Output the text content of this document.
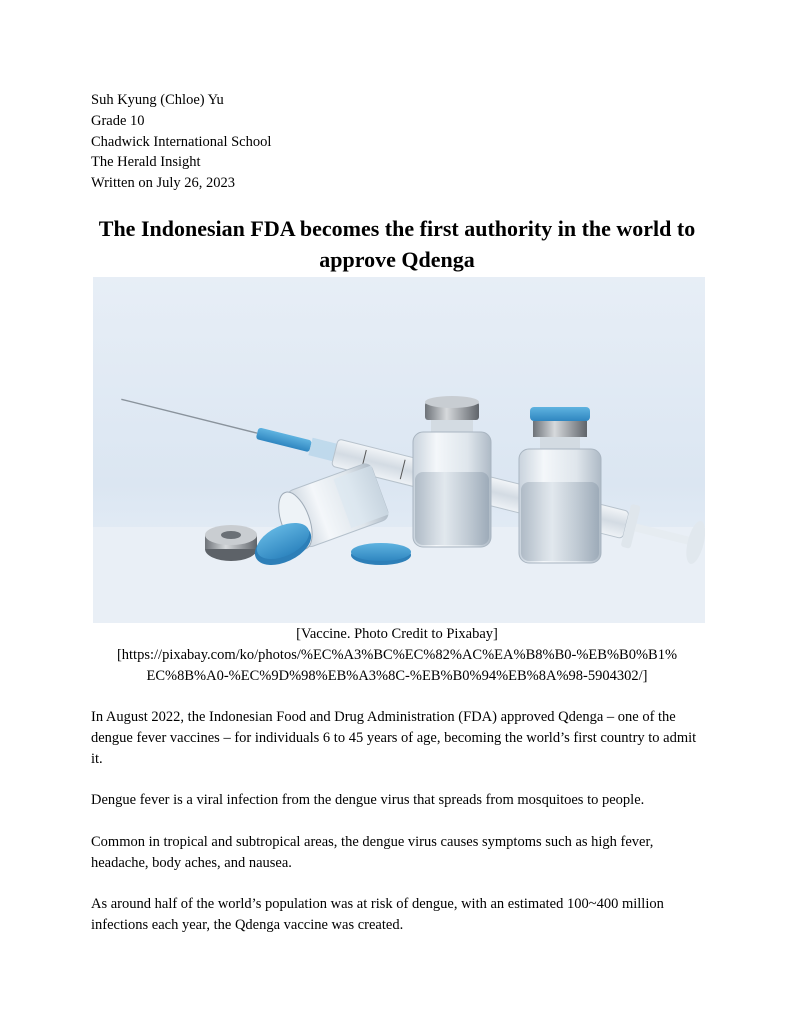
Suh Kyung (Chloe) Yu
Grade 10
Chadwick International School
The Herald Insight
Written on July 26, 2023
The Indonesian FDA becomes the first authority in the world to approve Qdenga
[Vaccine. Photo Credit to Pixabay]
[https://pixabay.com/ko/photos/%EC%A3%BC%EC%82%AC%EA%B8%B0-%EB%B0%B1%
EC%8B%A0-%EC%9D%98%EB%A3%8C-%EB%B0%94%EB%8A%98-5904302/]

In August 2022, the Indonesian Food and Drug Administration (FDA) approved Qdenga – one of the dengue fever vaccines – for individuals 6 to 45 years of age, becoming the world’s first country to admit it.

Dengue fever is a viral infection from the dengue virus that spreads from mosquitoes to people.

Common in tropical and subtropical areas, the dengue virus causes symptoms such as high fever, headache, body aches, and nausea.

As around half of the world’s population was at risk of dengue, with an estimated 100~400 million infections each year, the Qdenga vaccine was created.
